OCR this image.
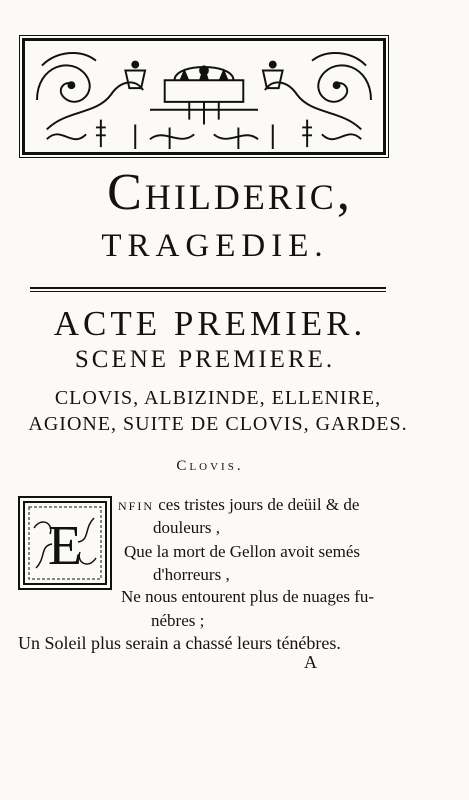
Childeric,
TRAGEDIE.
ACTE PREMIER.
SCENE PREMIERE.
CLOVIS, ALBIZINDE, ELLENIRE,
AGIONE, SUITE DE CLOVIS, GARDES.
Clovis.
E
nfin ces tristes jours de deüil & de
douleurs ,
Que la mort de Gellon avoit semés
d'horreurs ,
Ne nous entourent plus de nuages fu-
nébres ;
Un Soleil plus serain a chassé leurs ténébres.
A
